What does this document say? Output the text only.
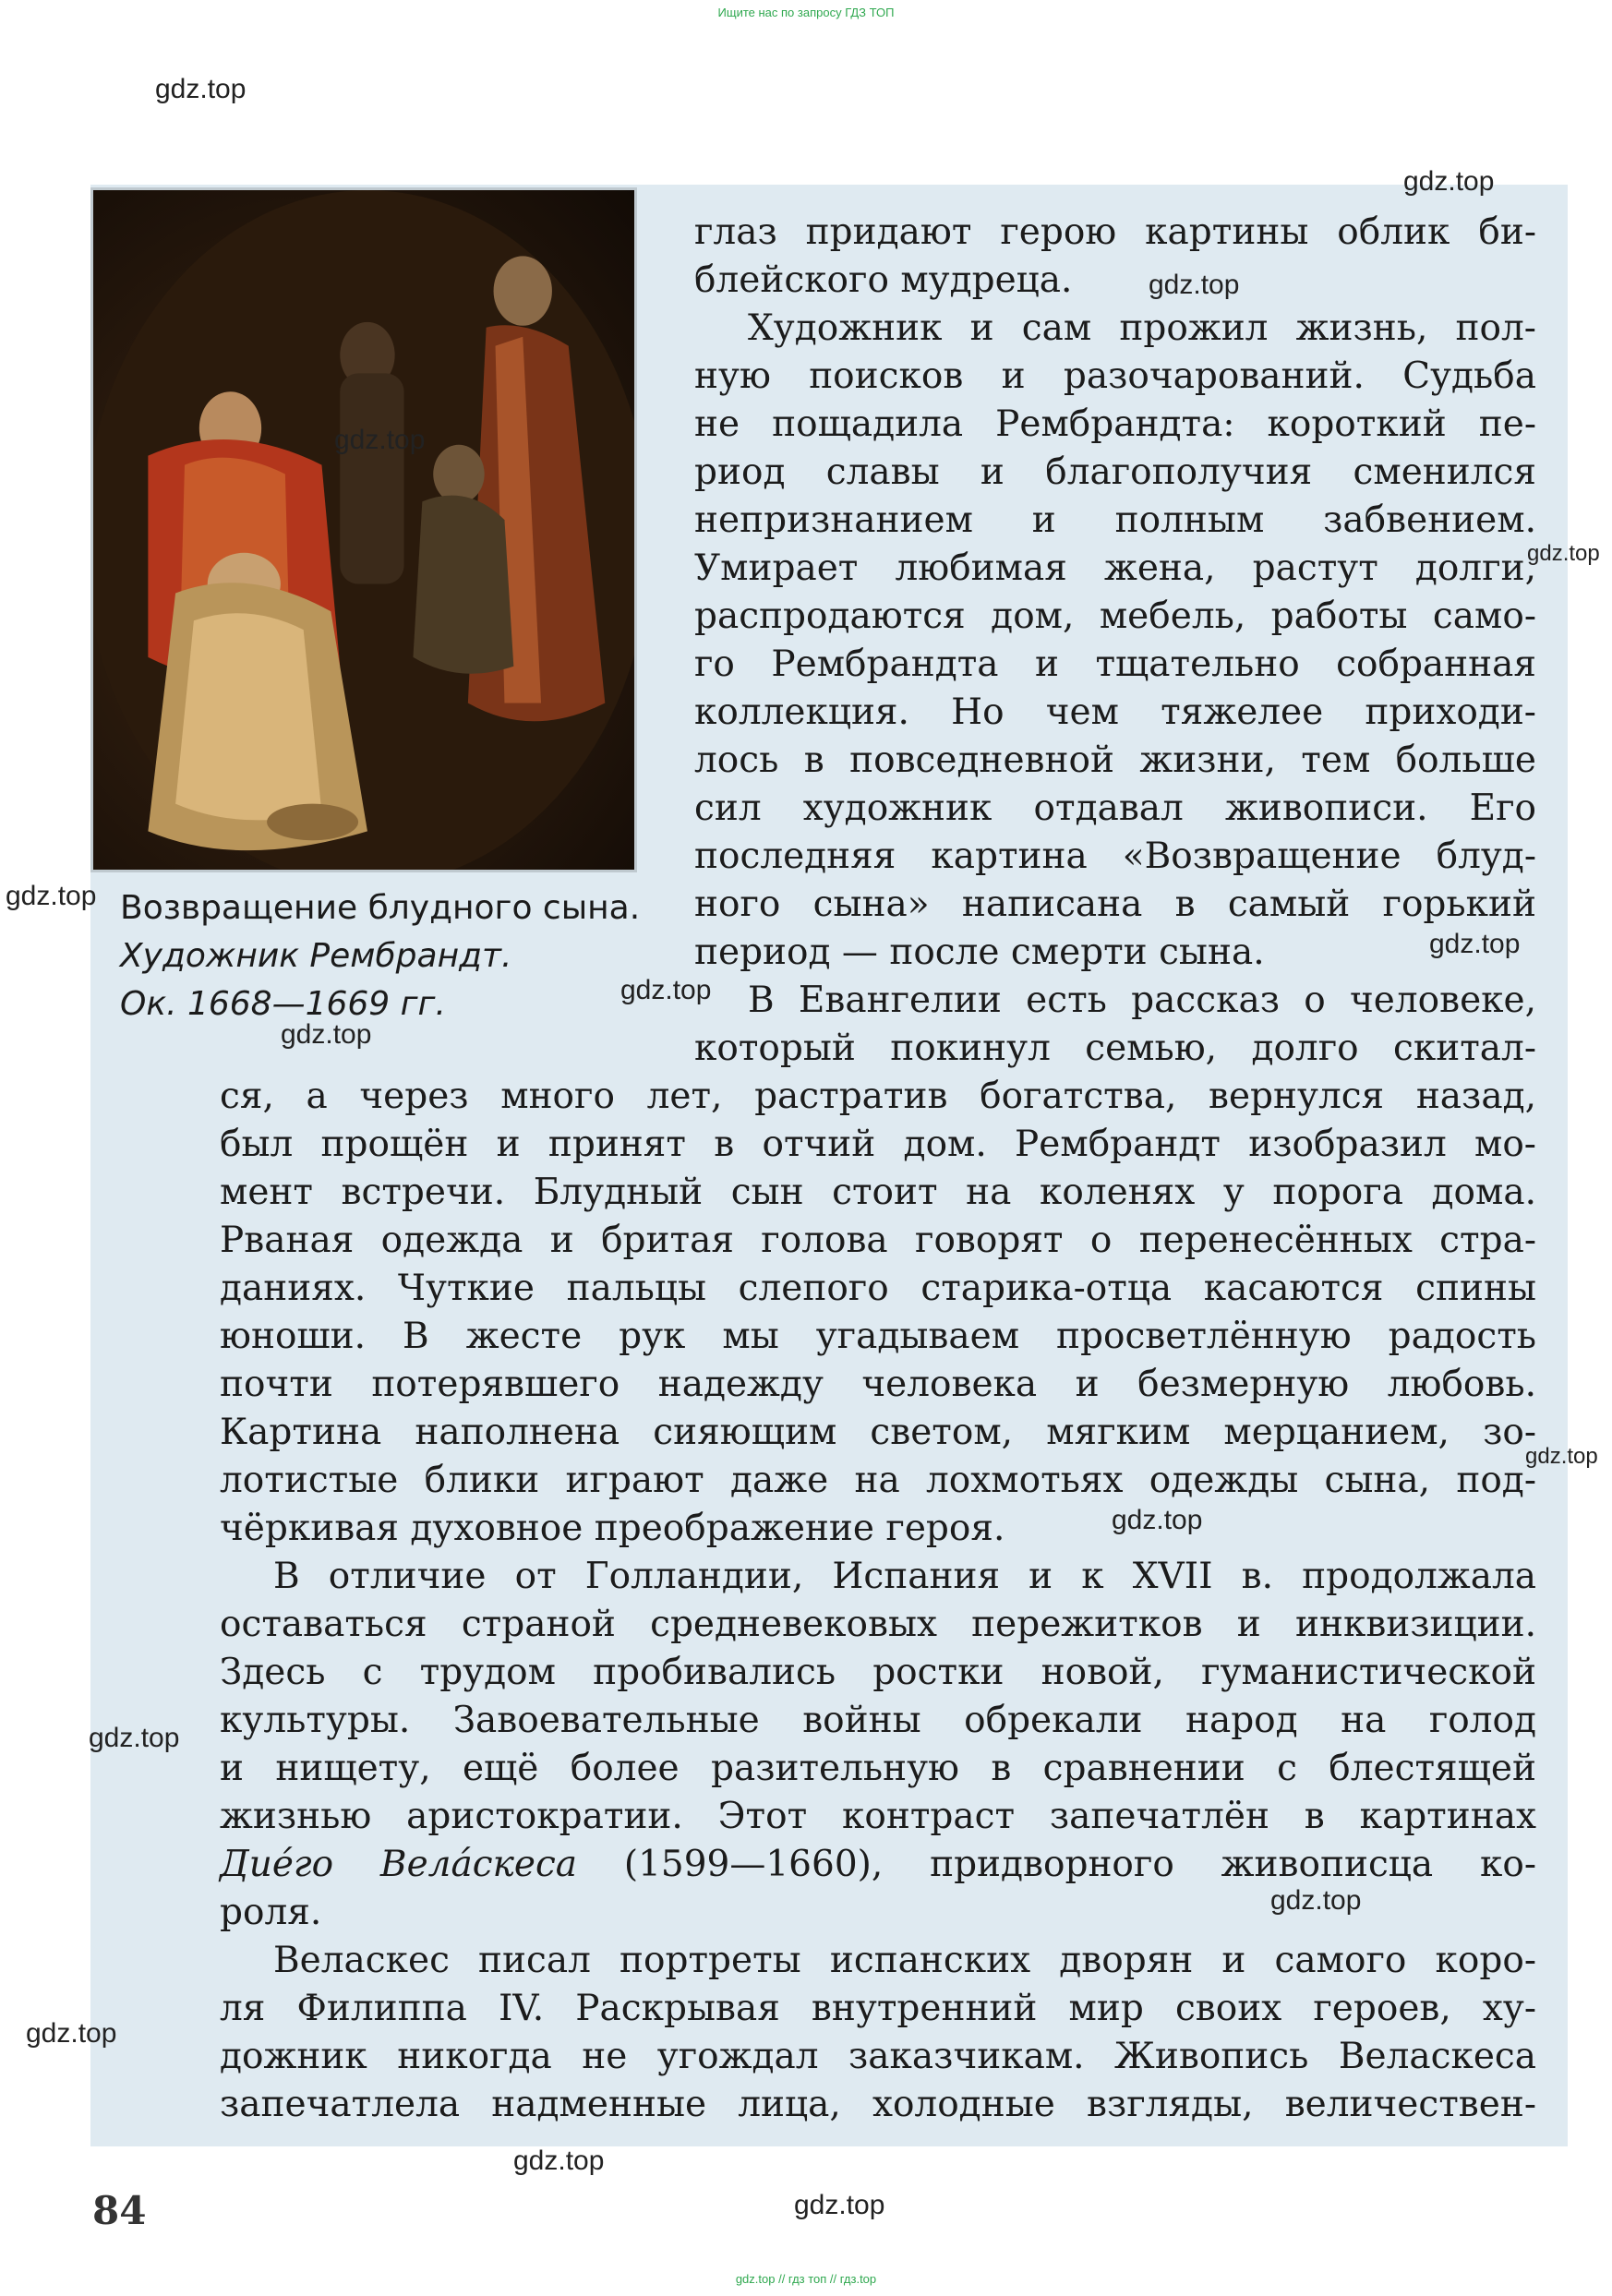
Ищите нас по запросу ГДЗ ТОП
Возвращение блудного сына.
Художник Рембрандт.
Ок. 1668—1669 гг.
глаз придают герою картины облик би-
блейского мудреца.
Художник и сам прожил жизнь, пол-
ную поисков и разочарований. Судьба
не пощадила Рембрандта: короткий пе-
риод славы и благополучия сменился
непризнанием и полным забвением.
Умирает любимая жена, растут долги,
распродаются дом, мебель, работы само-
го Рембрандта и тщательно собранная
коллекция. Но чем тяжелее приходи-
лось в повседневной жизни, тем больше
сил художник отдавал живописи. Его
последняя картина «Возвращение блуд-
ного сына» написана в самый горький
период — после смерти сына.
В Евангелии есть рассказ о человеке,
который покинул семью, долго скитал-
ся, а через много лет, растратив богатства, вернулся назад,
был прощён и принят в отчий дом. Рембрандт изобразил мо-
мент встречи. Блудный сын стоит на коленях у порога дома.
Рваная одежда и бритая голова говорят о перенесённых стра-
даниях. Чуткие пальцы слепого старика-отца касаются спины
юноши. В жесте рук мы угадываем просветлённую радость
почти потерявшего надежду человека и безмерную любовь.
Картина наполнена сияющим светом, мягким мерцанием, зо-
лотистые блики играют даже на лохмотьях одежды сына, под-
чёркивая духовное преображение героя.
В отличие от Голландии, Испания и к XVII в. продолжала
оставаться страной средневековых пережитков и инквизиции.
Здесь с трудом пробивались ростки новой, гуманистической
культуры. Завоевательные войны обрекали народ на голод
и нищету, ещё более разительную в сравнении с блестящей
жизнью аристократии. Этот контраст запечатлён в картинах
Дие́го Вела́скеса (1599—1660), придворного живописца ко-
роля.
Веласкес писал портреты испанских дворян и самого коро-
ля Филиппа IV. Раскрывая внутренний мир своих героев, ху-
дожник никогда не угождал заказчикам. Живопись Веласкеса
запечатлела надменные лица, холодные взгляды, величествен-
gdz.top
gdz.top
gdz.top
gdz.top
gdz.top
gdz.top
gdz.top
gdz.top
gdz.top
gdz.top
gdz.top
gdz.top
gdz.top
gdz.top
gdz.top
gdz.top
84
gdz.top // гдз топ // гдз.top
